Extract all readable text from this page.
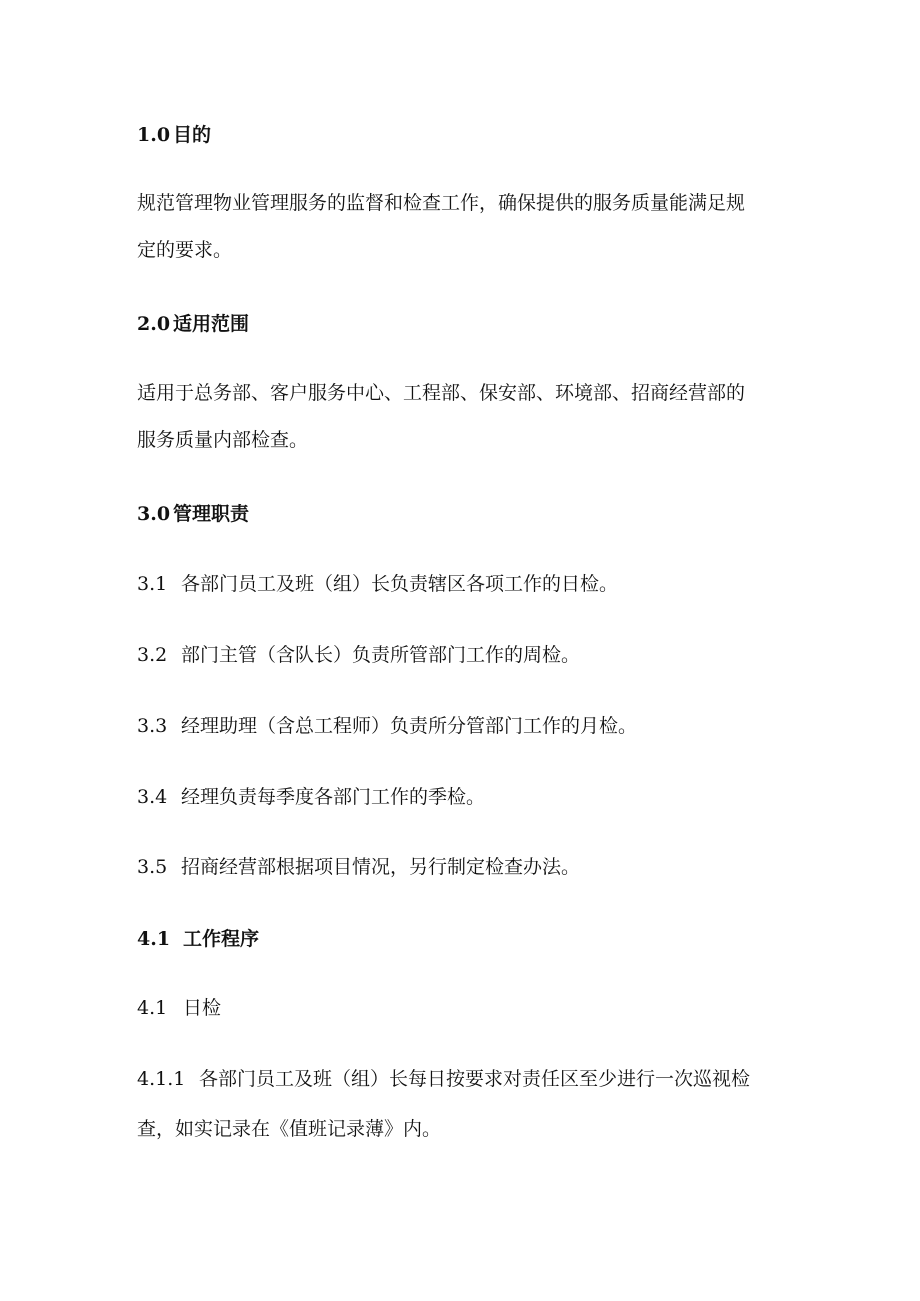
1.0 目的
规范管理物业管理服务的监督和检查工作，确保提供的服务质量能满足规
定的要求。
2.0 适用范围
适用于总务部、客户服务中心、工程部、保安部、环境部、招商经营部的
服务质量内部检查。
3.0 管理职责
3.1 各部门员工及班（组）长负责辖区各项工作的日检。
3.2 部门主管（含队长）负责所管部门工作的周检。
3.3 经理助理（含总工程师）负责所分管部门工作的月检。
3.4 经理负责每季度各部门工作的季检。
3.5 招商经营部根据项目情况，另行制定检查办法。
4.1 工作程序
4.1 日检
4.1.1 各部门员工及班（组）长每日按要求对责任区至少进行一次巡视检
查，如实记录在《值班记录薄》内。
